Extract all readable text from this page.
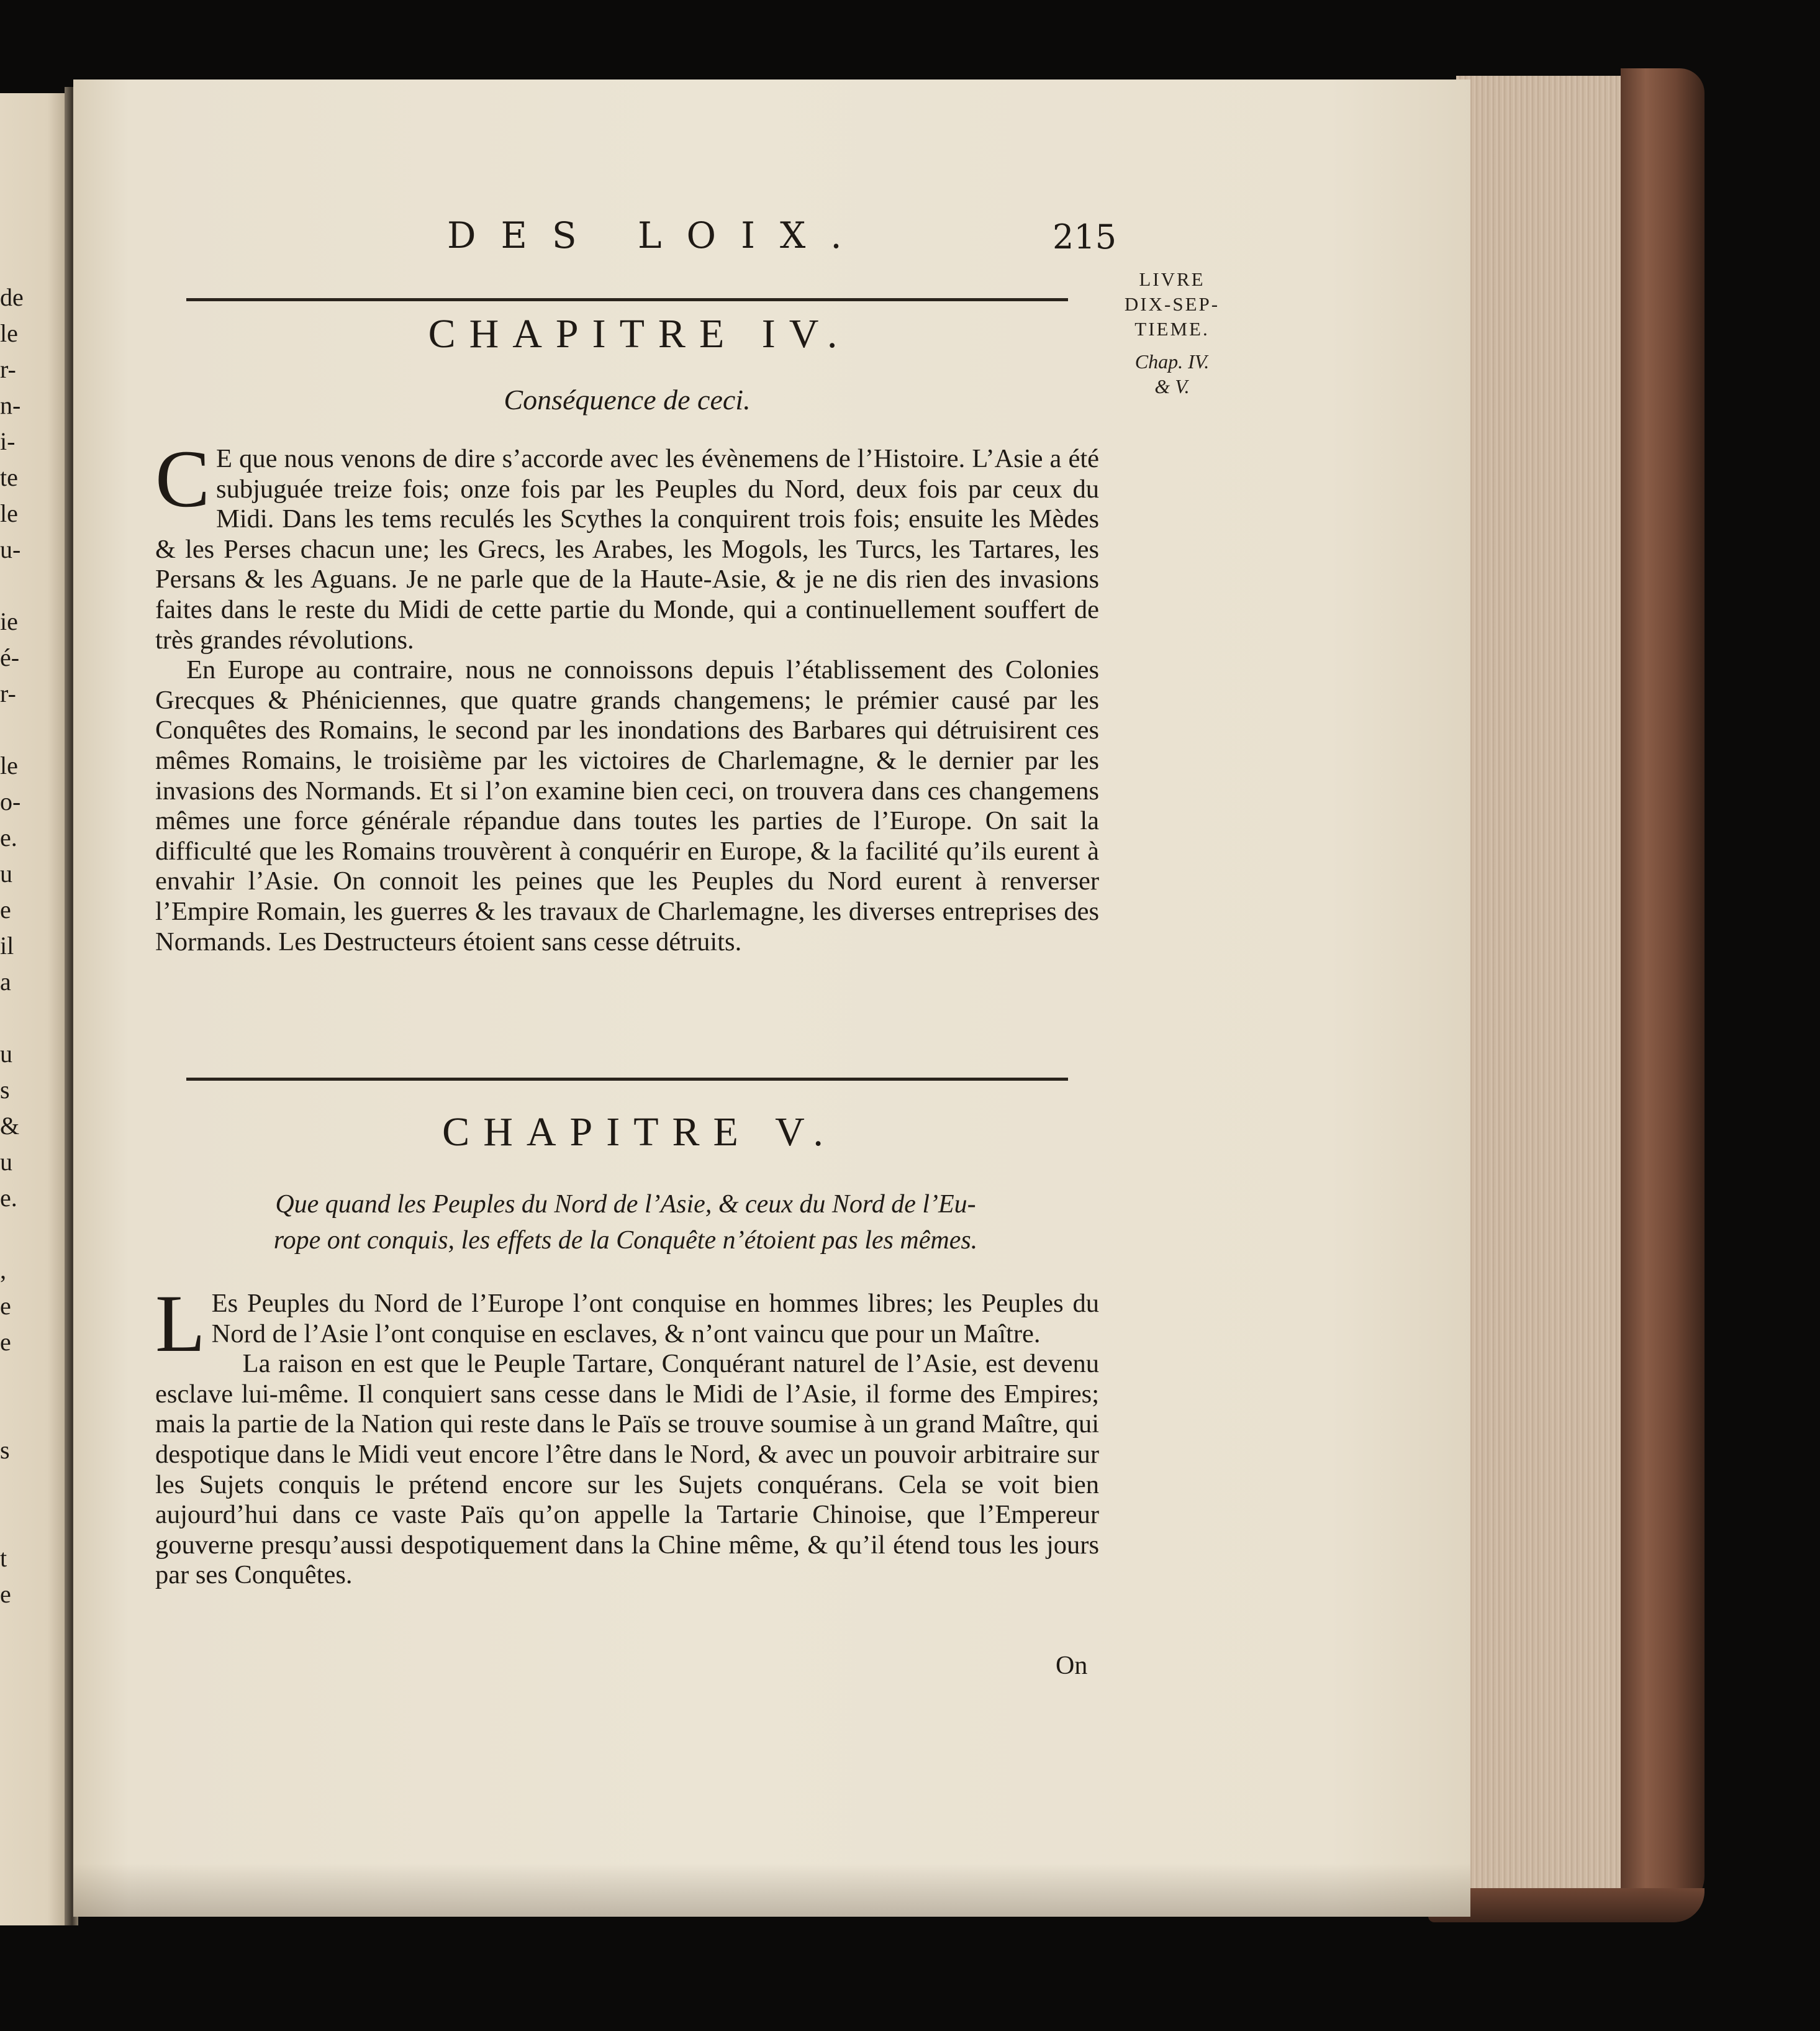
de
le
r-
n-
i-
te
le
u-
ie
é-
r-
le
o-
e.
u
e
il
a
u
s
&
u
e.
,
e
e
s
t
e
DES LOIX.	215
LIVRE
DIX-SEP-
TIEME.
Chap. IV.
& V.
CHAPITRE IV.
Conséquence de ceci.

C E que nous venons de dire s’accorde avec les évènemens de l’Histoire. L’Asie a été subjuguée treize fois; onze fois par les Peuples du Nord, deux fois par ceux du Midi. Dans les tems reculés les Scythes la conquirent trois fois; ensuite les Mèdes & les Perses chacun une; les Grecs, les Arabes, les Mogols, les Turcs, les Tartares, les Persans & les Aguans. Je ne parle que de la Haute-Asie, & je ne dis rien des invasions faites dans le reste du Midi de cette partie du Monde, qui a continuellement souffert de très grandes révolutions.

En Europe au contraire, nous ne connoissons depuis l’établissement des Colonies Grecques & Phéniciennes, que quatre grands changemens; le prémier causé par les Conquêtes des Romains, le second par les inondations des Barbares qui détruisirent ces mêmes Romains, le troisième par les victoires de Charlemagne, & le dernier par les invasions des Normands. Et si l’on examine bien ceci, on trouvera dans ces changemens mêmes une force générale répandue dans toutes les parties de l’Europe. On sait la difficulté que les Romains trouvèrent à conquérir en Europe, & la facilité qu’ils eurent à envahir l’Asie. On connoit les peines que les Peuples du Nord eurent à renverser l’Empire Romain, les guerres & les travaux de Charlemagne, les diverses entreprises des Normands. Les Destructeurs étoient sans cesse détruits.

CHAPITRE V.
Que quand les Peuples du Nord de l’Asie, & ceux du Nord de l’Eu-
rope ont conquis, les effets de la Conquête n’étoient pas les mêmes.

L Es Peuples du Nord de l’Europe l’ont conquise en hommes libres; les Peuples du Nord de l’Asie l’ont conquise en esclaves, & n’ont vaincu que pour un Maître.

La raison en est que le Peuple Tartare, Conquérant naturel de l’Asie, est devenu esclave lui-même. Il conquiert sans cesse dans le Midi de l’Asie, il forme des Empires; mais la partie de la Nation qui reste dans le Païs se trouve soumise à un grand Maître, qui despotique dans le Midi veut encore l’être dans le Nord, & avec un pouvoir arbitraire sur les Sujets conquis le prétend encore sur les Sujets conquérans. Cela se voit bien aujourd’hui dans ce vaste Païs qu’on appelle la Tartarie Chinoise, que l’Empereur gouverne presqu’aussi despotiquement dans la Chine même, & qu’il étend tous les jours par ses Conquêtes.

On
